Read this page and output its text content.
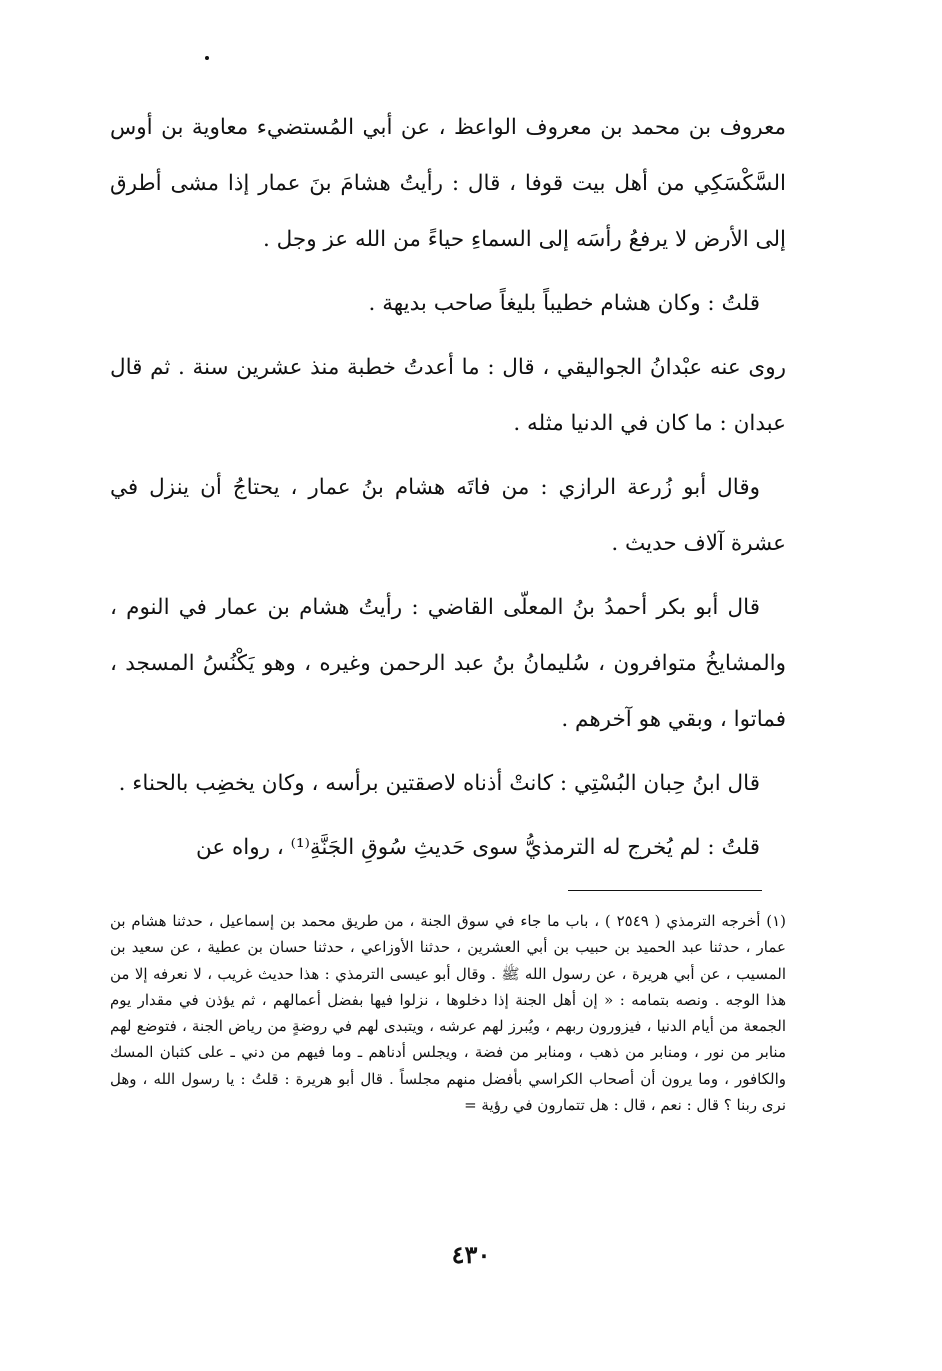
معروف بن محمد بن معروف الواعظ ، عن أبي المُستضيء معاوية بن أوس السَّكْسَكِي من أهل بيت قوفا ، قال : رأيتُ هشامَ بنَ عمار إذا مشى أطرق إلى الأرض لا يرفعُ رأسَه إلى السماءِ حياءً من الله عز وجل .

قلتُ : وكان هشام خطيباً بليغاً صاحب بديهة .

روى عنه عبْدانُ الجواليقي ، قال : ما أعدتُ خطبة منذ عشرين سنة . ثم قال عبدان : ما كان في الدنيا مثله .

وقال أبو زُرعة الرازي : من فاتَه هشام بنُ عمار ، يحتاجُ أن ينزل في عشرة آلاف حديث .

قال أبو بكر أحمدُ بنُ المعلّى القاضي : رأيتُ هشام بن عمار في النوم ، والمشايخُ متوافرون ، سُليمانُ بنُ عبد الرحمن وغيره ، وهو يَكْنُسُ المسجد ، فماتوا ، وبقي هو آخرهم .

قال ابنُ حِبان البُسْتِي : كانتْ أذناه لاصقتين برأسه ، وكان يخضِب بالحناء .

قلتُ : لم يُخرج له الترمذيُّ سوى حَديثِ سُوقِ الجَنَّةِ⁽¹⁾ ، رواه عن

(١) أخرجه الترمذي ( ٢٥٤٩ ) ، باب ما جاء في سوق الجنة ، من طريق محمد بن إسماعيل ، حدثنا هشام بن عمار ، حدثنا عبد الحميد بن حبيب بن أبي العشرين ، حدثنا الأوزاعي ، حدثنا حسان بن عطية ، عن سعيد بن المسيب ، عن أبي هريرة ، عن رسول الله ﷺ . وقال أبو عيسى الترمذي : هذا حديث غريب ، لا نعرفه إلا من هذا الوجه . ونصه بتمامه : « إن أهل الجنة إذا دخلوها ، نزلوا فيها بفضل أعمالهم ، ثم يؤذن في مقدار يوم الجمعة من أيام الدنيا ، فيزورون ربهم ، ويُبرز لهم عرشه ، ويتبدى لهم في روضةٍ من رياض الجنة ، فتوضع لهم منابر من نور ، ومنابر من ذهب ، ومنابر من فضة ، ويجلس أدناهم ـ وما فيهم من دني ـ على كثبان المسك والكافور ، وما يرون أن أصحاب الكراسي بأفضل منهم مجلساً . قال أبو هريرة : قلتُ : يا رسول الله ، وهل نرى ربنا ؟ قال : نعم ، قال : هل تتمارون في رؤية =

٤٣٠
